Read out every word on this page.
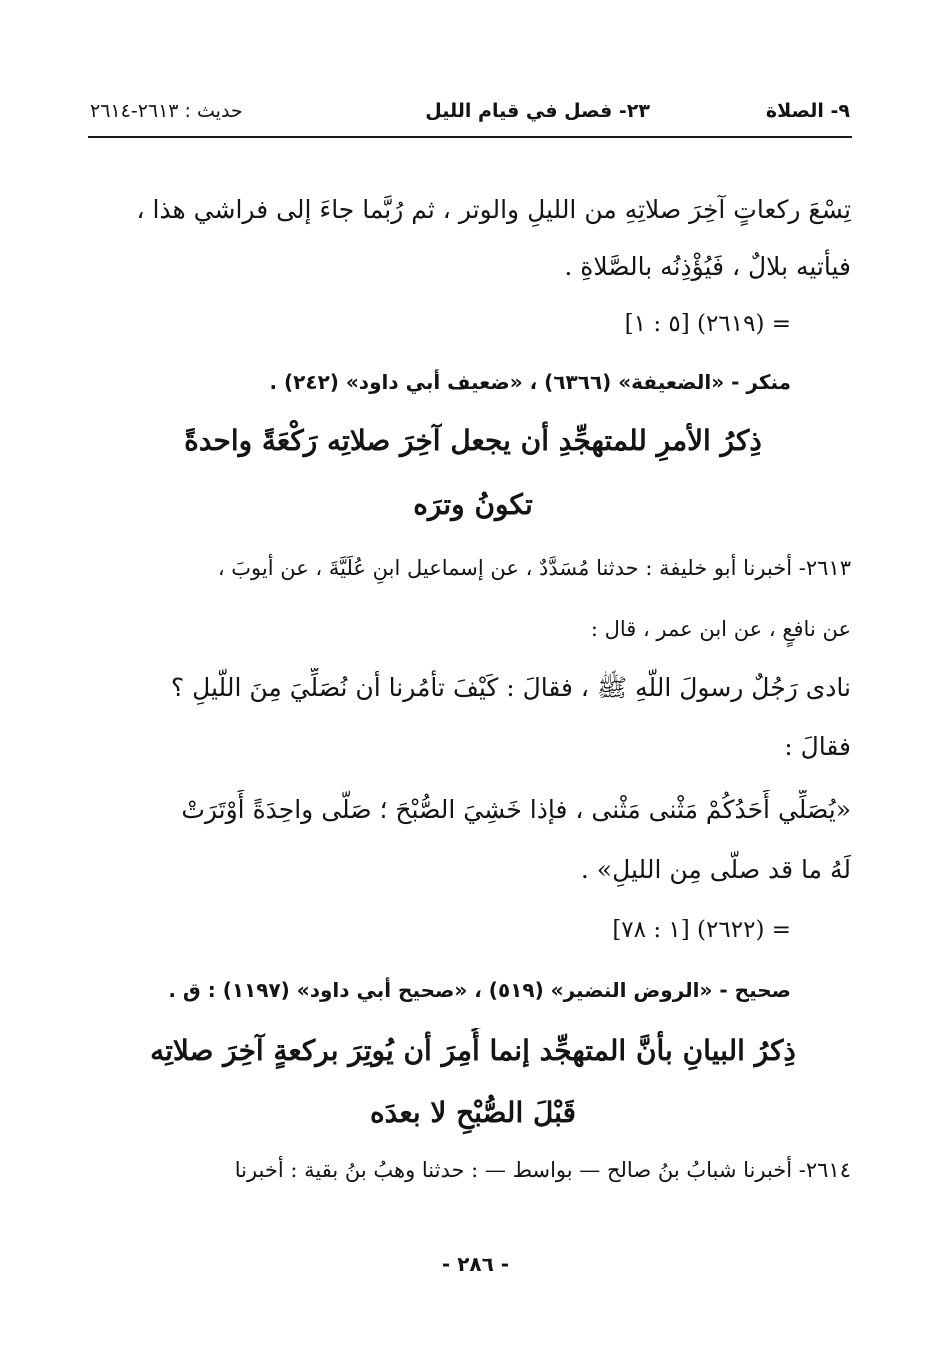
٩- الصلاة
٢٣- فصل في قيام الليل
حديث : ٢٦١٣-٢٦١٤
تِسْعَ ركعاتٍ آخِرَ صلاتِهِ من الليلِ والوتر ، ثم رُبَّما جاءَ إلى فراشي هذا ،
فيأتيه بلالٌ ، فَيُؤْذِنُه بالصَّلاةِ .
= (٢٦١٩) [٥ : ١]
منكر - «الضعيفة» (٦٣٦٦) ، «ضعيف أبي داود» (٢٤٢) .
ذِكرُ الأمرِ للمتهجِّدِ أن يجعل آخِرَ صلاتِه رَكْعَةً واحدةً
تكونُ وترَه
٢٦١٣- أخبرنا أبو خليفة : حدثنا مُسَدَّدٌ ، عن إسماعيل ابنِ عُلَيَّةَ ، عن أيوبَ ،
عن نافعٍ ، عن ابن عمر ، قال :
نادى رَجُلٌ رسولَ اللّهِ ﷺ ، فقالَ : كَيْفَ تأمُرنا أن نُصَلِّيَ مِنَ اللَّيلِ ؟
فقالَ :
«يُصَلِّي أَحَدُكُمْ مَثْنى مَثْنى ، فإذا خَشِيَ الصُّبْحَ ؛ صَلَّى واحِدَةً أَوْتَرَتْ
لَهُ ما قد صلَّى مِن الليلِ» .
= (٢٦٢٢) [١ : ٧٨]
صحيح - «الروض النضير» (٥١٩) ، «صحيح أبي داود» (١١٩٧) : ق .
ذِكرُ البيانِ بأنَّ المتهجِّد إنما أُمِرَ أن يُوتِرَ بركعةٍ آخِرَ صلاتِه
قَبْلَ الصُّبْحِ لا بعدَه
٢٦١٤- أخبرنا شبابُ بنُ صالح — بواسط — : حدثنا وهبُ بنُ بقية : أخبرنا
- ٢٨٦ -
